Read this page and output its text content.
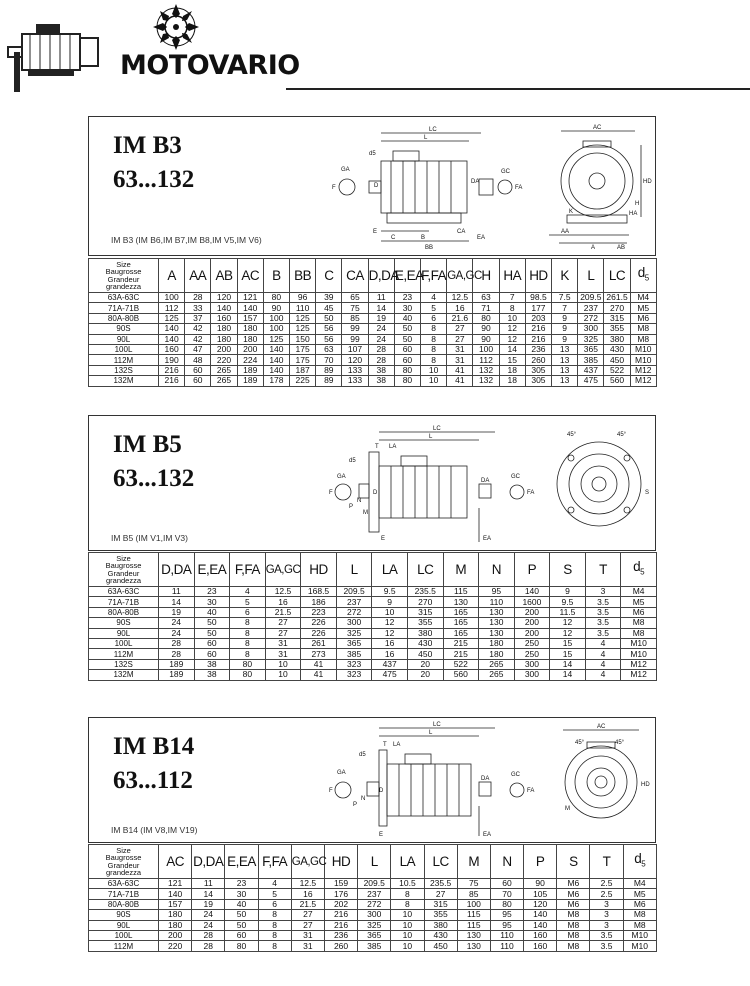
MOTOVARIO
IM B3
63...132
IM B3 (IM B6,IM B7,IM B8,IM V5,IM V6)
LC
L
GA
d5
E
D
DA
GC
F	FA
AC
HD
H
HA
K
A
AA
AB
C	B
BB
CA
EA
Size
Baugrosse
Grandeur
grandezza	A	AA	AB	AC	B	BB	C	CA	D,DA	E,EA	F,FA	GA,GC	H	HA	HD	K	L	LC	$d_5$
63A-63C	100	28	120	121	80	96	39	65	11	23	4	12.5	63	7	98.5	7.5	209.5	261.5	M4
71A-71B	112	33	140	140	90	110	45	75	14	30	5	16	71	8	177	7	237	270	M5
80A-80B	125	37	160	157	100	125	50	85	19	40	6	21.6	80	10	203	9	272	315	M6
90S	140	42	180	180	100	125	56	99	24	50	8	27	90	12	216	9	300	355	M8
90L	140	42	180	180	125	150	56	99	24	50	8	27	90	12	216	9	325	380	M8
100L	160	47	200	200	140	175	63	107	28	60	8	31	100	14	236	13	365	430	M10
112M	190	48	220	224	140	175	70	120	28	60	8	31	112	15	260	13	385	450	M10
132S	216	60	265	189	140	187	89	133	38	80	10	41	132	18	305	13	437	522	M12
132M	216	60	265	189	178	225	89	133	38	80	10	41	132	18	305	13	475	560	M12
IM B5
63...132
IM B5 (IM V1,IM V3)
LC
L
T LA
d5
GA
P
N
M
D
DA
GC
F	FA	S
E	EA
45°	45°
Size
Baugrosse
Grandeur
grandezza	D,DA	E,EA	F,FA	GA,GC	HD	L	LA	LC	M	N	P	S	T	$d_5$
63A-63C	11	23	4	12.5	168.5	209.5	9.5	235.5	115	95	140	9	3	M4
71A-71B	14	30	5	16	186	237	9	270	130	110	1600	9.5	3.5	M5
80A-80B	19	40	6	21.5	223	272	10	315	165	130	200	11.5	3.5	M6
90S	24	50	8	27	226	300	12	355	165	130	200	12	3.5	M8
90L	24	50	8	27	226	325	12	380	165	130	200	12	3.5	M8
100L	28	60	8	31	261	365	16	430	215	180	250	15	4	M10
112M	28	60	8	31	273	385	16	450	215	180	250	15	4	M10
132S	189	38	80	10	41	323	437	20	522	265	300	14	4	M12
132M	189	38	80	10	41	323	475	20	560	265	300	14	4	M12
IM B14
63...112
IM B14 (IM V8,IM V19)
LC
L
T LA
d5
GA
P
N
D
DA
GC
F	FA
M
E	EA
AC
45°	45°
HD
Size
Baugrosse
Grandeur
grandezza	AC	D,DA	E,EA	F,FA	GA,GC	HD	L	LA	LC	M	N	P	S	T	$d_5$
63A-63C	121	11	23	4	12.5	159	209.5	10.5	235.5	75	60	90	M6	2.5	M4
71A-71B	140	14	30	5	16	176	237	8	27	85	70	105	M6	2.5	M5
80A-80B	157	19	40	6	21.5	202	272	8	315	100	80	120	M6	3	M6
90S	180	24	50	8	27	216	300	10	355	115	95	140	M8	3	M8
90L	180	24	50	8	27	216	325	10	380	115	95	140	M8	3	M8
100L	200	28	60	8	31	236	365	10	430	130	110	160	M8	3.5	M10
112M	220	28	80	8	31	260	385	10	450	130	110	160	M8	3.5	M10
